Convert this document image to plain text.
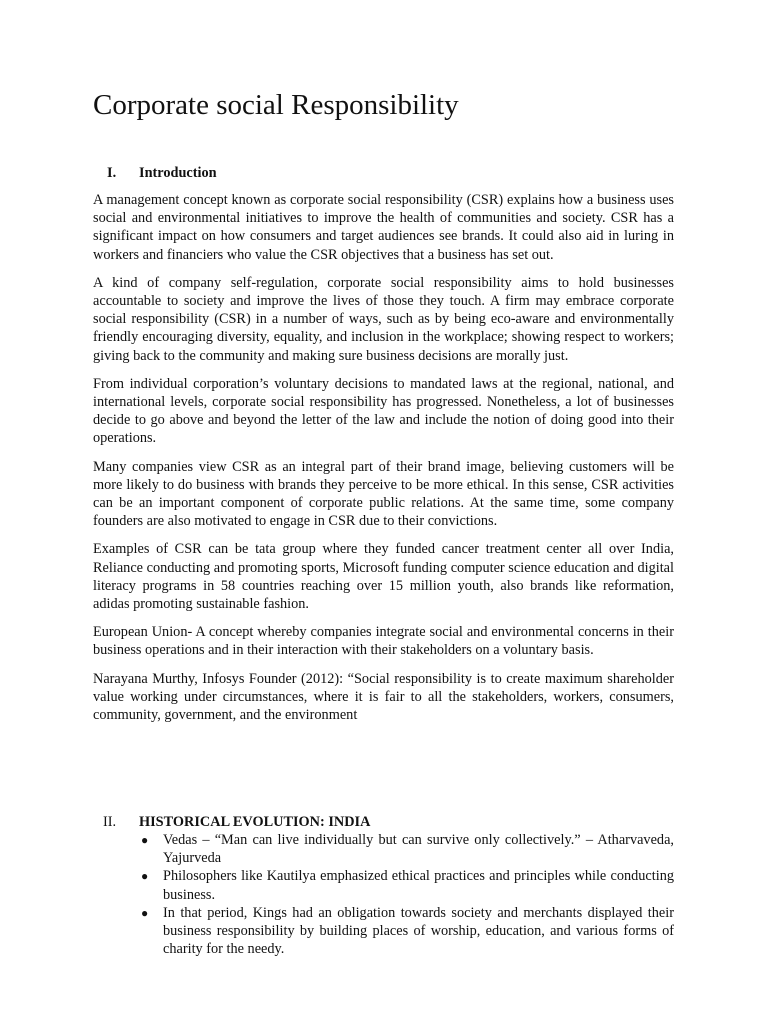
Corporate social Responsibility
I. Introduction

A management concept known as corporate social responsibility (CSR) explains how a business uses social and environmental initiatives to improve the health of communities and society. CSR has a significant impact on how consumers and target audiences see brands. It could also aid in luring in workers and financiers who value the CSR objectives that a business has set out.

A kind of company self-regulation, corporate social responsibility aims to hold businesses accountable to society and improve the lives of those they touch. A firm may embrace corporate social responsibility (CSR) in a number of ways, such as by being eco-aware and environmentally friendly encouraging diversity, equality, and inclusion in the workplace; showing respect to workers; giving back to the community and making sure business decisions are morally just.

From individual corporation’s voluntary decisions to mandated laws at the regional, national, and international levels, corporate social responsibility has progressed. Nonetheless, a lot of businesses decide to go above and beyond the letter of the law and include the notion of doing good into their operations.

Many companies view CSR as an integral part of their brand image, believing customers will be more likely to do business with brands they perceive to be more ethical. In this sense, CSR activities can be an important component of corporate public relations. At the same time, some company founders are also motivated to engage in CSR due to their convictions.

Examples of CSR can be tata group where they funded cancer treatment center all over India, Reliance conducting and promoting sports, Microsoft funding computer science education and digital literacy programs in 58 countries reaching over 15 million youth, also brands like reformation, adidas promoting sustainable fashion.

European Union- A concept whereby companies integrate social and environmental concerns in their business operations and in their interaction with their stakeholders on a voluntary basis.

Narayana Murthy, Infosys Founder (2012): “Social responsibility is to create maximum shareholder value working under circumstances, where it is fair to all the stakeholders, workers, consumers, community, government, and the environment

II. HISTORICAL EVOLUTION: INDIA
● Vedas – “Man can live individually but can survive only collectively.” – Atharvaveda, Yajurveda
● Philosophers like Kautilya emphasized ethical practices and principles while conducting business.
● In that period, Kings had an obligation towards society and merchants displayed their business responsibility by building places of worship, education, and various forms of charity for the needy.
